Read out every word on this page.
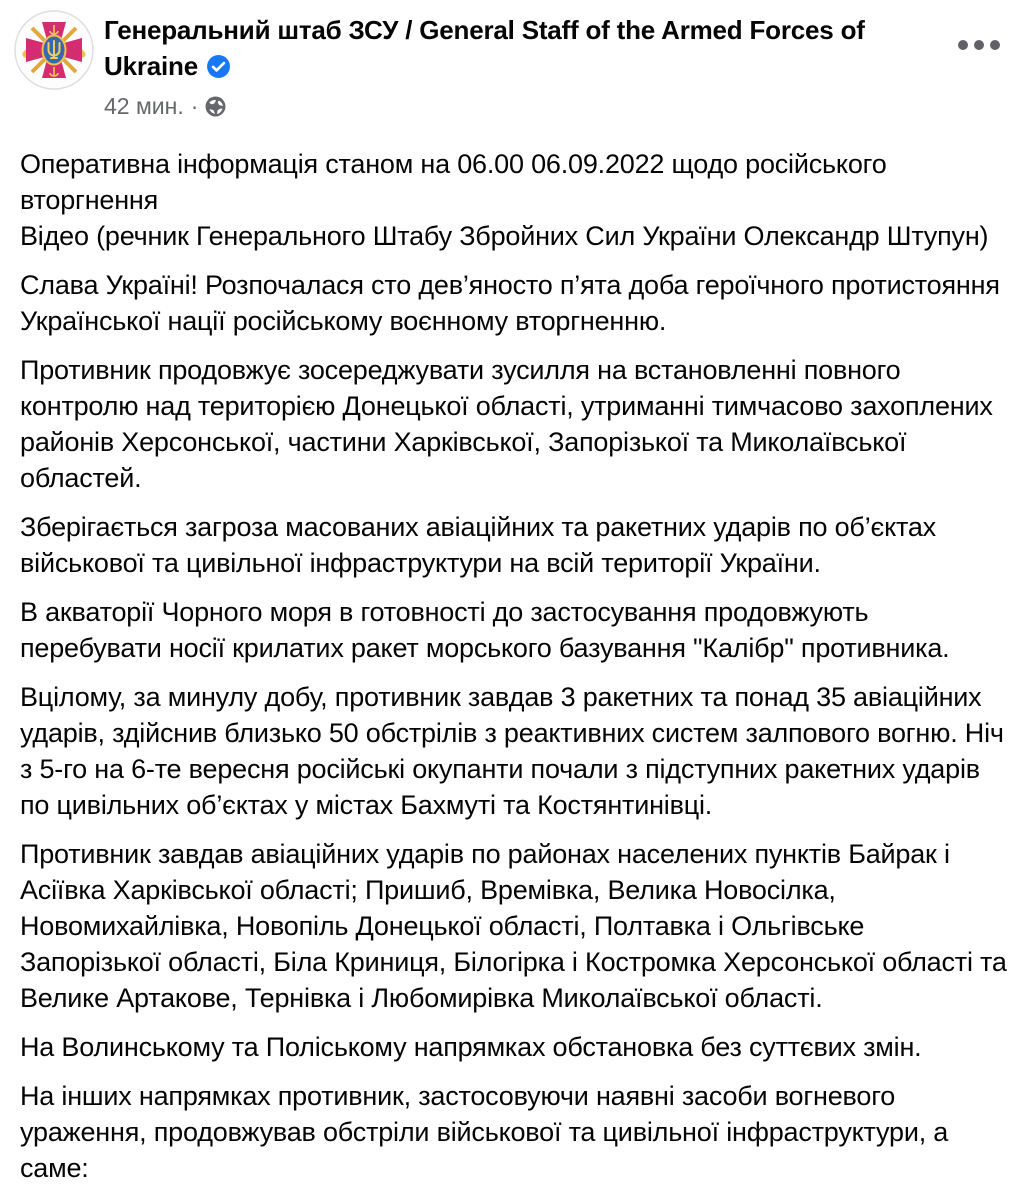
Генеральний штаб ЗСУ / General Staff of the Armed Forces of Ukraine
42 мин. ·

Оперативна інформація станом на 06.00 06.09.2022 щодо російського вторгнення
Відео (речник Генерального Штабу Збройних Сил України Олександр Штупун)

Слава Україні! Розпочалася сто дев’яносто п’ята доба героїчного протистояння Української нації російському воєнному вторгненню.

Противник продовжує зосереджувати зусилля на встановленні повного контролю над територією Донецької області, утриманні тимчасово захоплених районів Херсонської, частини Харківської, Запорізької та Миколаївської областей.

Зберігається загроза масованих авіаційних та ракетних ударів по об’єктах військової та цивільної інфраструктури на всій території України.

В акваторії Чорного моря в готовності до застосування продовжують перебувати носії крилатих ракет морського базування "Калібр" противника.

Вцілому, за минулу добу, противник завдав 3 ракетних та понад 35 авіаційних ударів, здійснив близько 50 обстрілів з реактивних систем залпового вогню. Ніч з 5-го на 6-те вересня російські окупанти почали з підступних ракетних ударів по цивільних об’єктах у містах Бахмуті та Костянтинівці.

Противник завдав авіаційних ударів по районах населених пунктів Байрак і Асіївка Харківської області; Пришиб, Времівка, Велика Новосілка, Новомихайлівка, Новопіль Донецької області, Полтавка і Ольгівське Запорізької області, Біла Криниця, Білогірка і Костромка Херсонської області та Велике Артакове, Тернівка і Любомирівка Миколаївської області.

На Волинському та Поліському напрямках обстановка без суттєвих змін.

На інших напрямках противник, застосовуючи наявні засоби вогневого ураження, продовжував обстріли військової та цивільної інфраструктури, а саме:
